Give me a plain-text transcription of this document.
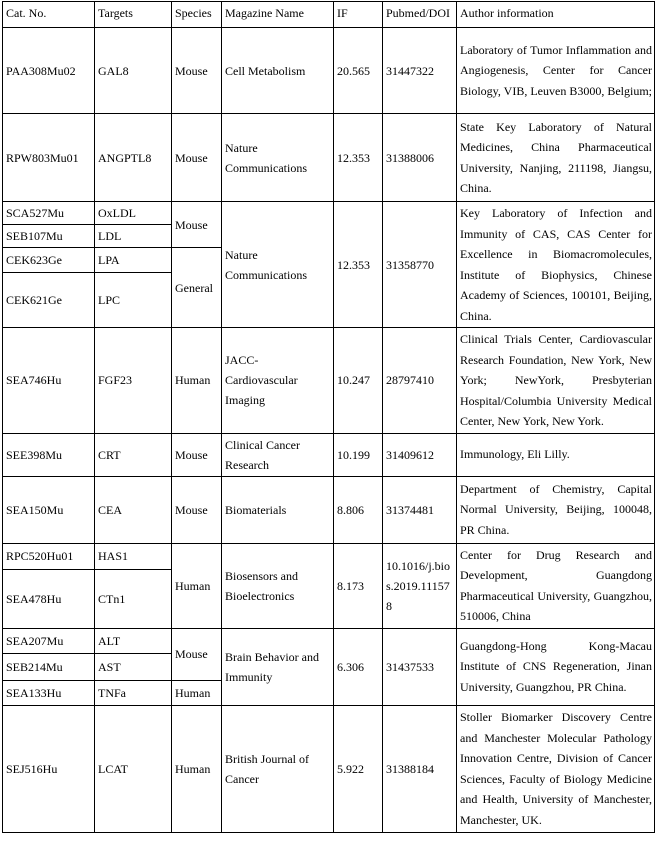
Cat. No.	Targets	Species	Magazine Name	IF	Pubmed/DOI	Author information
PAA308Mu02	GAL8	Mouse	Cell Metabolism	20.565	31447322	Laboratory of Tumor Inflammation and Angiogenesis, Center for Cancer Biology, VIB, Leuven B3000, Belgium;
RPW803Mu01	ANGPTL8	Mouse	Nature Communications	12.353	31388006	State Key Laboratory of Natural Medicines, China Pharmaceutical University, Nanjing, 211198, Jiangsu, China.
SCA527Mu	OxLDL	Mouse	Nature Communications	12.353	31358770	Key Laboratory of Infection and Immunity of CAS, CAS Center for Excellence in Biomacromolecules, Institute of Biophysics, Chinese Academy of Sciences, 100101, Beijing, China.
SEB107Mu	LDL					
CEK623Ge	LPA	General				
CEK621Ge	LPC					
SEA746Hu	FGF23	Human	JACC-Cardiovascular Imaging	10.247	28797410	Clinical Trials Center, Cardiovascular Research Foundation, New York, New York; NewYork, Presbyterian Hospital/Columbia University Medical Center, New York, New York.
SEE398Mu	CRT	Mouse	Clinical Cancer Research	10.199	31409612	Immunology, Eli Lilly.
SEA150Mu	CEA	Mouse	Biomaterials	8.806	31374481	Department of Chemistry, Capital Normal University, Beijing, 100048, PR China.
RPC520Hu01	HAS1	Human	Biosensors and Bioelectronics	8.173	10.1016/j.bios.2019.111578	Center for Drug Research and Development, Guangdong Pharmaceutical University, Guangzhou, 510006, China
SEA478Hu	CTn1					
SEA207Mu	ALT	Mouse	Brain Behavior and Immunity	6.306	31437533	Guangdong-Hong Kong-Macau Institute of CNS Regeneration, Jinan University, Guangzhou, PR China.
SEB214Mu	AST					
SEA133Hu	TNFa	Human				
SEJ516Hu	LCAT	Human	British Journal of Cancer	5.922	31388184	Stoller Biomarker Discovery Centre and Manchester Molecular Pathology Innovation Centre, Division of Cancer Sciences, Faculty of Biology Medicine and Health, University of Manchester, Manchester, UK.
